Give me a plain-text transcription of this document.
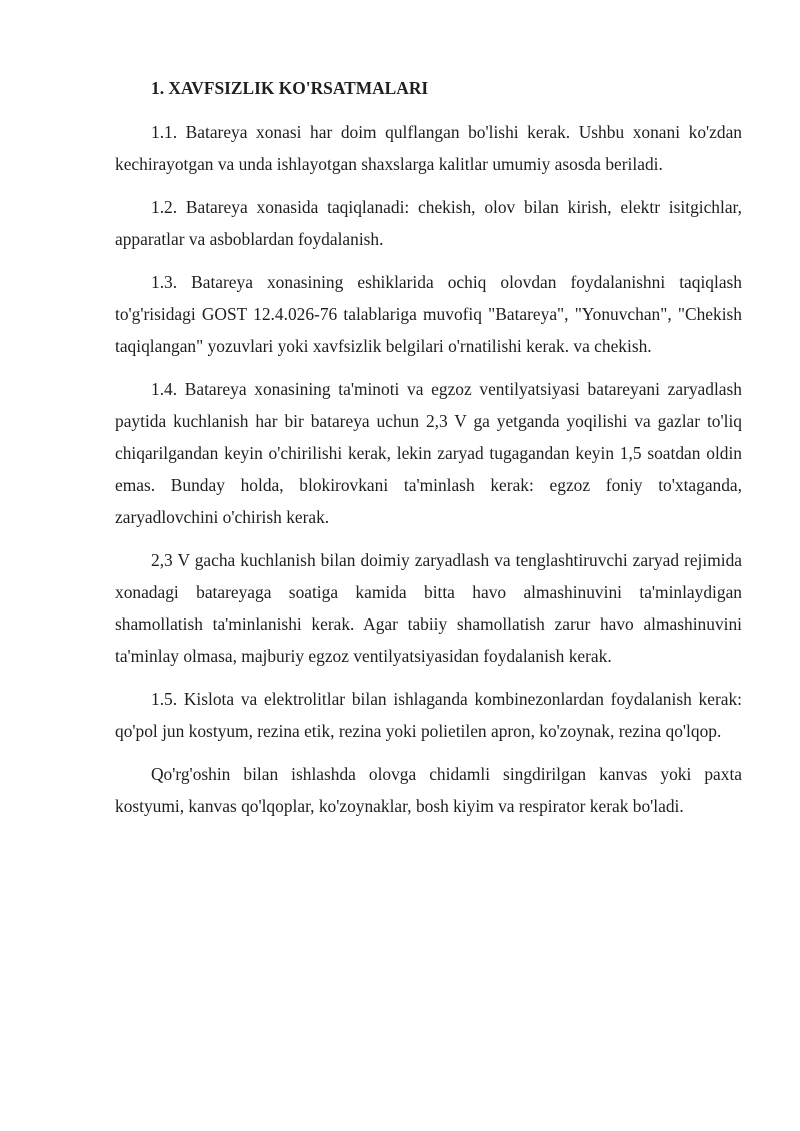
1. XAVFSIZLIK KO'RSATMALARI

1.1. Batareya xonasi har doim qulflangan bo'lishi kerak. Ushbu xonani ko'zdan kechirayotgan va unda ishlayotgan shaxslarga kalitlar umumiy asosda beriladi.

1.2. Batareya xonasida taqiqlanadi: chekish, olov bilan kirish, elektr isitgichlar, apparatlar va asboblardan foydalanish.

1.3. Batareya xonasining eshiklarida ochiq olovdan foydalanishni taqiqlash to'g'risidagi GOST 12.4.026-76 talablariga muvofiq "Batareya", "Yonuvchan", "Chekish taqiqlangan" yozuvlari yoki xavfsizlik belgilari o'rnatilishi kerak. va chekish.

1.4. Batareya xonasining ta'minoti va egzoz ventilyatsiyasi batareyani zaryadlash paytida kuchlanish har bir batareya uchun 2,3 V ga yetganda yoqilishi va gazlar to'liq chiqarilgandan keyin o'chirilishi kerak, lekin zaryad tugagandan keyin 1,5 soatdan oldin emas. Bunday holda, blokirovkani ta'minlash kerak: egzoz foniy to'xtaganda, zaryadlovchini o'chirish kerak.

2,3 V gacha kuchlanish bilan doimiy zaryadlash va tenglashtiruvchi zaryad rejimida xonadagi batareyaga soatiga kamida bitta havo almashinuvini ta'minlaydigan shamollatish ta'minlanishi kerak. Agar tabiiy shamollatish zarur havo almashinuvini ta'minlay olmasa, majburiy egzoz ventilyatsiyasidan foydalanish kerak.

1.5. Kislota va elektrolitlar bilan ishlaganda kombinezonlardan foydalanish kerak: qo'pol jun kostyum, rezina etik, rezina yoki polietilen apron, ko'zoynak, rezina qo'lqop.

Qo'rg'oshin bilan ishlashda olovga chidamli singdirilgan kanvas yoki paxta kostyumi, kanvas qo'lqoplar, ko'zoynaklar, bosh kiyim va respirator kerak bo'ladi.
